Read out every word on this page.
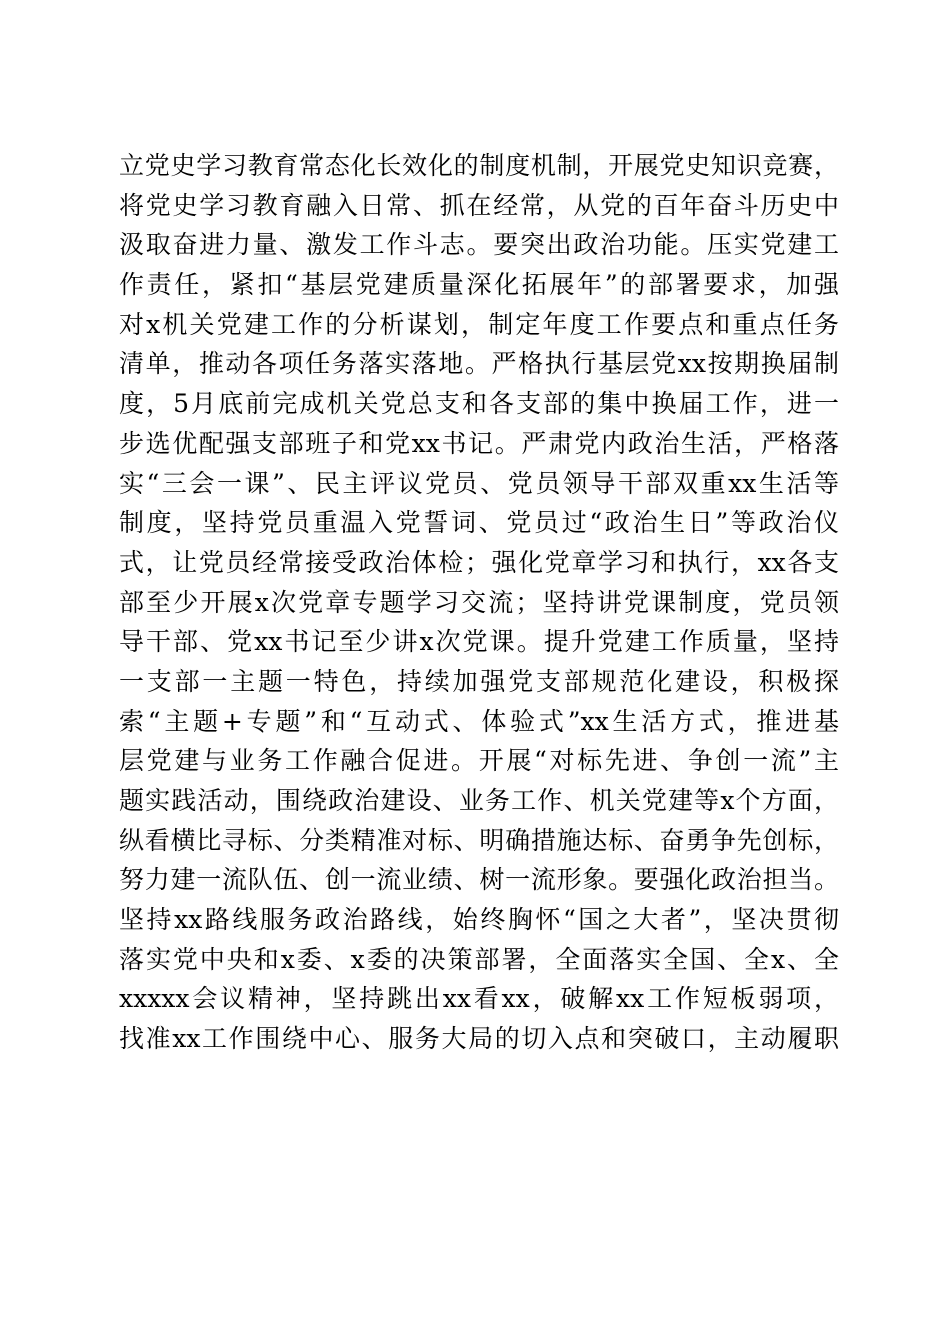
立党史学习教育常态化长效化的制度机制，开展党史知识竞赛，
将党史学习教育融入日常、抓在经常，从党的百年奋斗历史中
汲取奋进力量、激发工作斗志。要突出政治功能。压实党建工
作责任，紧扣“基层党建质量深化拓展年”的部署要求，加强
对x机关党建工作的分析谋划，制定年度工作要点和重点任务
清单，推动各项任务落实落地。严格执行基层党xx按期换届制
度，5月底前完成机关党总支和各支部的集中换届工作，进一
步选优配强支部班子和党xx书记。严肃党内政治生活，严格落
实“三会一课”、民主评议党员、党员领导干部双重xx生活等
制度，坚持党员重温入党誓词、党员过“政治生日”等政治仪
式，让党员经常接受政治体检；强化党章学习和执行，xx各支
部至少开展x次党章专题学习交流；坚持讲党课制度，党员领
导干部、党xx书记至少讲x次党课。提升党建工作质量，坚持
一支部一主题一特色，持续加强党支部规范化建设，积极探
索“主题+专题”和“互动式、体验式”xx生活方式，推进基
层党建与业务工作融合促进。开展“对标先进、争创一流”主
题实践活动，围绕政治建设、业务工作、机关党建等x个方面，
纵看横比寻标、分类精准对标、明确措施达标、奋勇争先创标，
努力建一流队伍、创一流业绩、树一流形象。要强化政治担当。
坚持xx路线服务政治路线，始终胸怀“国之大者”，坚决贯彻
落实党中央和x委、x委的决策部署，全面落实全国、全x、全
xxxxx会议精神，坚持跳出xx看xx，破解xx工作短板弱项，
找准xx工作围绕中心、服务大局的切入点和突破口，主动履职
